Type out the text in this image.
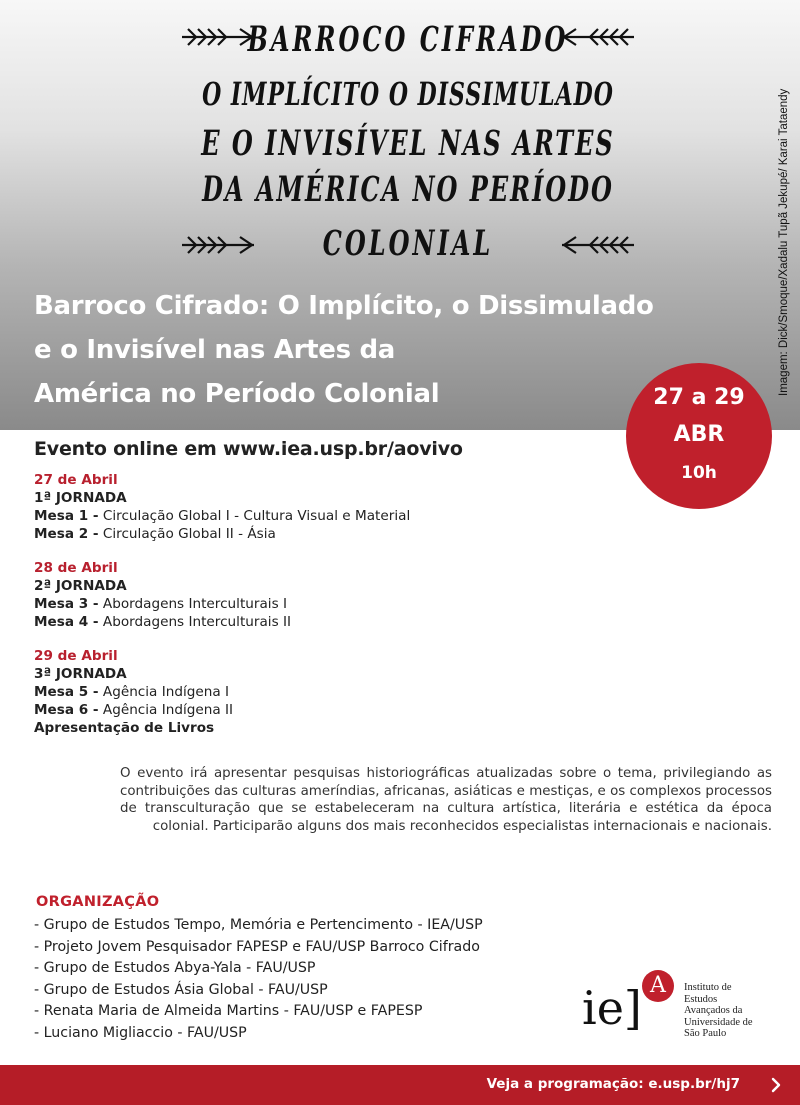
BARROCO CIFRADO
O IMPLÍCITO O DISSIMULADO
E O INVISÍVEL NAS ARTES
DA AMÉRICA NO PERÍODO
COLONIAL	Imagem: Dick/Smoque/Xadalu Tupã Jekupé/ Karai Tataendy
Barroco Cifrado: O Implícito, o Dissimulado
e o Invisível nas Artes da
América no Período Colonial	27 a 29
ABR
10h
Evento online em www.iea.usp.br/aovivo
27 de Abril
1ª JORNADA
Mesa 1 - Circulação Global I - Cultura Visual e Material
Mesa 2 - Circulação Global II - Ásia
28 de Abril
2ª JORNADA
Mesa 3 - Abordagens Interculturais I
Mesa 4 - Abordagens Interculturais II
29 de Abril
3ª JORNADA
Mesa 5 - Agência Indígena I
Mesa 6 - Agência Indígena II
Apresentação de Livros

O evento irá apresentar pesquisas historiográficas atualizadas sobre o tema, privilegiando as contribuições das culturas ameríndias, africanas, asiáticas e mestiças, e os complexos processos de transculturação que se estabeleceram na cultura artística, literária e estética da época colonial. Participarão alguns dos mais reconhecidos especialistas internacionais e nacionais.

ORGANIZAÇÃO
- Grupo de Estudos Tempo, Memória e Pertencimento - IEA/USP
- Projeto Jovem Pesquisador FAPESP e FAU/USP Barroco Cifrado
- Grupo de Estudos Abya-Yala - FAU/USP
- Grupo de Estudos Ásia Global - FAU/USP
- Renata Maria de Almeida Martins - FAU/USP e FAPESP
- Luciano Migliaccio - FAU/USP	ie] A	Instituto de
Estudos
Avançados da
Universidade de
São Paulo
Veja a programação: e.usp.br/hj7
